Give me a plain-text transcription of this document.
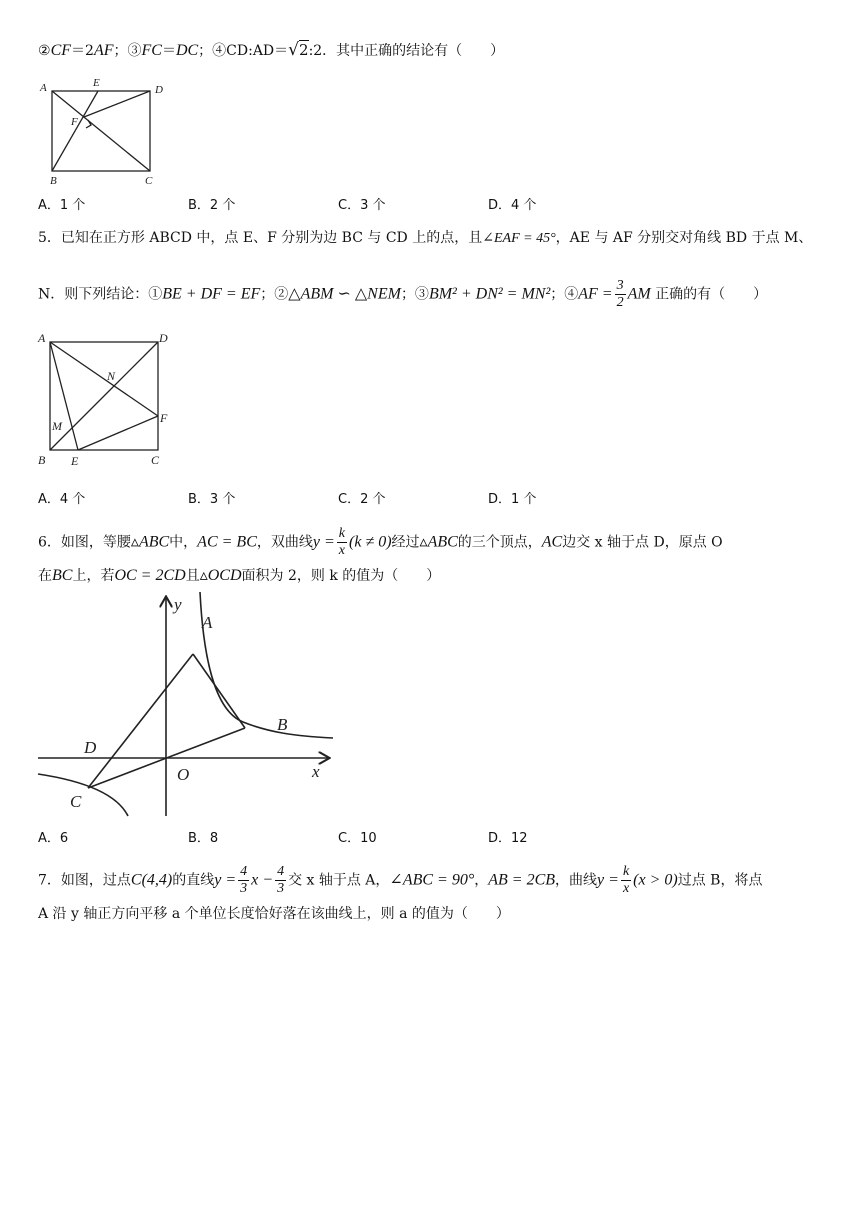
②CF＝2AF；③FC＝DC；④CD:AD＝√2:2．其中正确的结论有（　　）
A	E
D
F
B	C
A．1 个	B．2 个	C．3 个	D．4 个
5．已知在正方形 ABCD 中，点 E、F 分别为边 BC 与 CD 上的点，且∠EAF = 45°，AE 与 AF 分别交对角线 BD 于点 M、
N．则下列结论：①BE + DF = EF；②△ABM ∽ △NEM；③BM² + DN² = MN²；④AF = $\frac{3}{2}$ AM 正确的有（　　）
A	D
N
F
M
B E	C
A．4 个	B．3 个	C．2 个	D．1 个
6．如图，等腰▵ABC中，AC = BC，双曲线$y = \frac{k}{x} (k \ne 0)$经过▵ABC的三个顶点，AC边交 x 轴于点 D，原点 O
在BC上，若OC = 2CD且▵OCD面积为 2，则 k 的值为（　　）
y
A
B
D
O	x
C
A．6	B．8	C．10	D．12
7．如图，过点C(4,4)的直线$y = \frac{4}{3}$ $x - \frac{4}{3}$ 交 x 轴于点 A，∠ABC = 90°，AB = 2CB，曲线$y = \frac{k}{x} (x > 0)$过点 B，将点
A 沿 y 轴正方向平移 a 个单位长度恰好落在该曲线上，则 a 的值为（　　）
